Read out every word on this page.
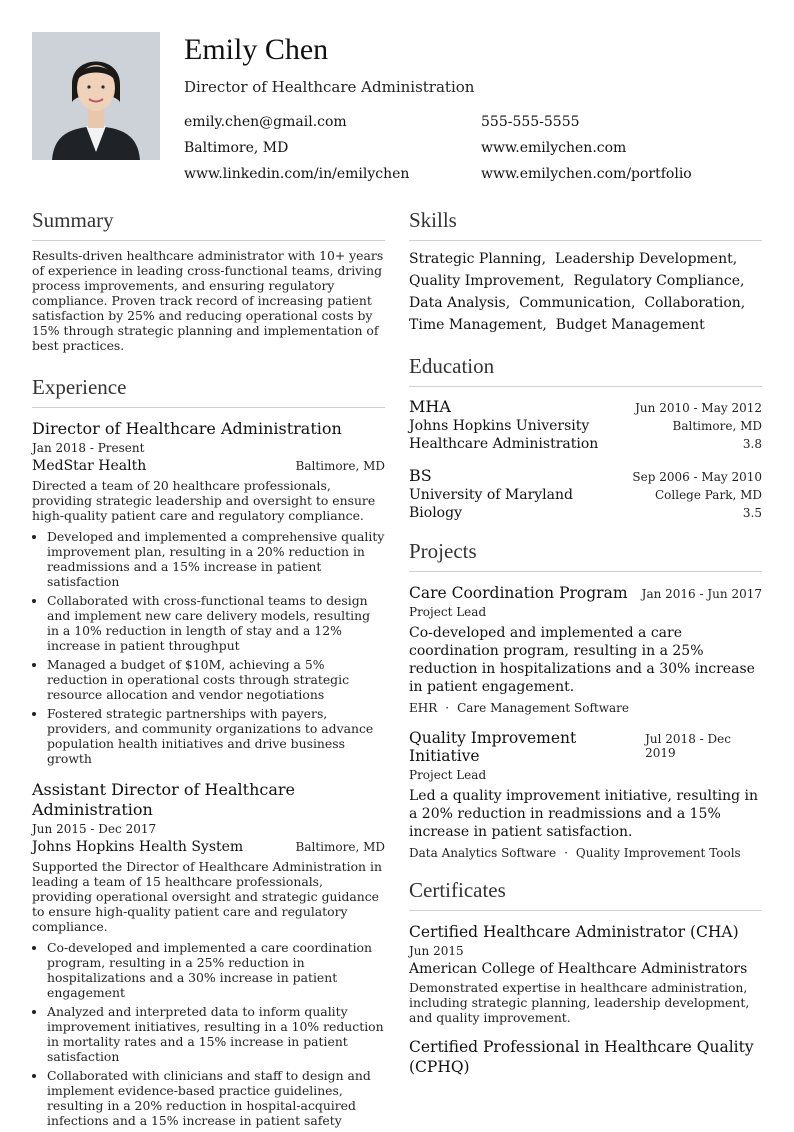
Emily Chen
Director of Healthcare Administration
emily.chen@gmail.com	555-555-5555
Baltimore, MD	www.emilychen.com
www.linkedin.com/in/emilychen	www.emilychen.com/portfolio
Summary
Results-driven healthcare administrator with 10+ years of experience in leading cross-functional teams, driving process improvements, and ensuring regulatory compliance. Proven track record of increasing patient satisfaction by 25% and reducing operational costs by 15% through strategic planning and implementation of best practices.
Experience
Director of Healthcare Administration
Jan 2018 - Present
MedStar Health	Baltimore, MD
Directed a team of 20 healthcare professionals, providing strategic leadership and oversight to ensure high-quality patient care and regulatory compliance.
• Developed and implemented a comprehensive quality improvement plan, resulting in a 20% reduction in readmissions and a 15% increase in patient satisfaction
• Collaborated with cross-functional teams to design and implement new care delivery models, resulting in a 10% reduction in length of stay and a 12% increase in patient throughput
• Managed a budget of $10M, achieving a 5% reduction in operational costs through strategic resource allocation and vendor negotiations
• Fostered strategic partnerships with payers, providers, and community organizations to advance population health initiatives and drive business growth
Assistant Director of Healthcare Administration
Jun 2015 - Dec 2017
Johns Hopkins Health System	Baltimore, MD
Supported the Director of Healthcare Administration in leading a team of 15 healthcare professionals, providing operational oversight and strategic guidance to ensure high-quality patient care and regulatory compliance.
• Co-developed and implemented a care coordination program, resulting in a 25% reduction in hospitalizations and a 30% increase in patient engagement
• Analyzed and interpreted data to inform quality improvement initiatives, resulting in a 10% reduction in mortality rates and a 15% increase in patient satisfaction
• Collaborated with clinicians and staff to design and implement evidence-based practice guidelines, resulting in a 20% reduction in hospital-acquired infections and a 15% increase in patient safety
Skills
Strategic Planning, Leadership Development,
Quality Improvement, Regulatory Compliance,
Data Analysis, Communication, Collaboration,
Time Management, Budget Management
Education
MHA	Jun 2010 - May 2012
Johns Hopkins University	Baltimore, MD
Healthcare Administration	3.8
BS	Sep 2006 - May 2010
University of Maryland	College Park, MD
Biology	3.5
Projects
Care Coordination Program Jan 2016 - Jun 2017
Project Lead
Co-developed and implemented a care coordination program, resulting in a 25% reduction in hospitalizations and a 30% increase in patient engagement.
EHR · Care Management Software
Quality Improvement Initiative
Jul 2018 - Dec 2019
Project Lead
Led a quality improvement initiative, resulting in a 20% reduction in readmissions and a 15% increase in patient satisfaction.
Data Analytics Software · Quality Improvement Tools
Certificates
Certified Healthcare Administrator (CHA)
Jun 2015
American College of Healthcare Administrators
Demonstrated expertise in healthcare administration, including strategic planning, leadership development, and quality improvement.
Certified Professional in Healthcare Quality (CPHQ)
